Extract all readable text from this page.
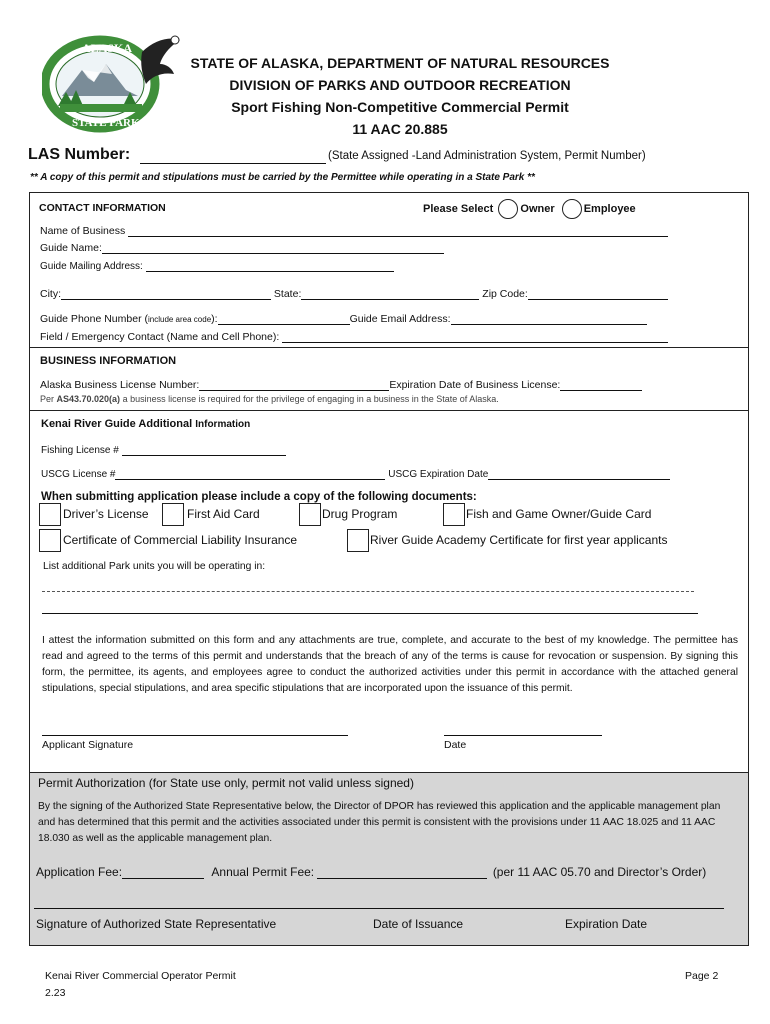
ALASKA
STATE PARKS
STATE OF ALASKA, DEPARTMENT OF NATURAL RESOURCES
DIVISION OF PARKS AND OUTDOOR RECREATION
Sport Fishing Non-Competitive Commercial Permit
11 AAC 20.885
LAS Number:	(State Assigned -Land Administration System, Permit Number)
** A copy of this permit and stipulations must be carried by the Permittee while operating in a State Park **
CONTACT INFORMATION	Please Select Owner	Employee
Name of Business
Guide Name:
Guide Mailing Address:
City:	State:	Zip Code:
Guide Phone Number (include area code):	Guide Email Address:
Field / Emergency Contact (Name and Cell Phone):
BUSINESS INFORMATION
Alaska Business License Number:	Expiration Date of Business License:
Per AS43.70.020(a) a business license is required for the privilege of engaging in a business in the State of Alaska.
Kenai River Guide Additional Information
Fishing License #
USCG License #	USCG Expiration Date
When submitting application please include a copy of the following documents:
Driver’s License	First Aid Card	Drug Program	Fish and Game Owner/Guide Card
Certificate of Commercial Liability Insurance	River Guide Academy Certificate for first year applicants
List additional Park units you will be operating in:
I attest the information submitted on this form and any attachments are true, complete, and accurate to the best of my knowledge. The permittee has read and agreed to the terms of this permit and understands that the breach of any of the terms is cause for revocation or suspension. By signing this form, the permittee, its agents, and employees agree to conduct the authorized activities under this permit in accordance with the attached general stipulations, special stipulations, and area specific stipulations that are incorporated upon the issuance of this permit.
Applicant Signature	Date
Permit Authorization (for State use only, permit not valid unless signed)
By the signing of the Authorized State Representative below, the Director of DPOR has reviewed this application and the applicable management plan and has determined that this permit and the activities associated under this permit is consistent with the provisions under 11 AAC 18.025 and 11 AAC 18.030 as well as the applicable management plan.
Application Fee:	Annual Permit Fee:	(per 11 AAC 05.70 and Director’s Order)
Signature of Authorized State Representative	Date of Issuance	Expiration Date
Kenai River Commercial Operator Permit
2.23
Page 2
